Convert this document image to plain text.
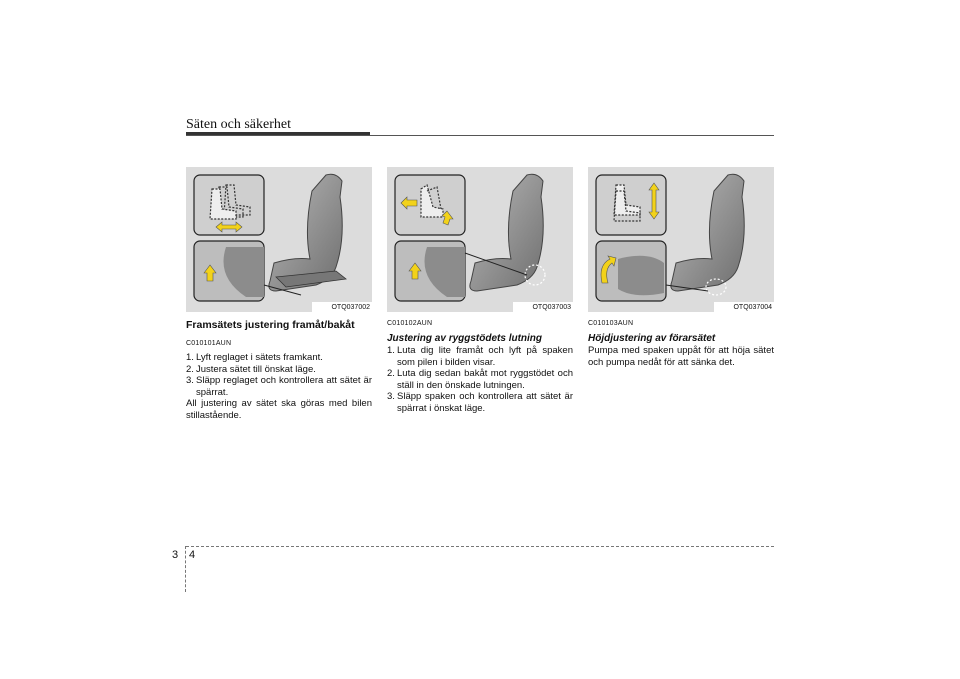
Säten och säkerhet
OTQ037002	OTQ037003	OTQ037004
Framsätets justering framåt/bakåt
C010101AUN
1. Lyft reglaget i sätets framkant.
2. Justera sätet till önskat läge.
3. Släpp reglaget och kontrollera att sätet är spärrat.

All justering av sätet ska göras med bilen stillastående.

C010102AUN
Justering av ryggstödets lutning
1. Luta dig lite framåt och lyft på spaken som pilen i bilden visar.
2. Luta dig sedan bakåt mot ryggstödet och ställ in den önskade lutningen.
3. Släpp spaken och kontrollera att sätet är spärrat i önskat läge.
C010103AUN
Höjdjustering av förarsätet

Pumpa med spaken uppåt för att höja sätet och pumpa nedåt för att sänka det.

3 4
